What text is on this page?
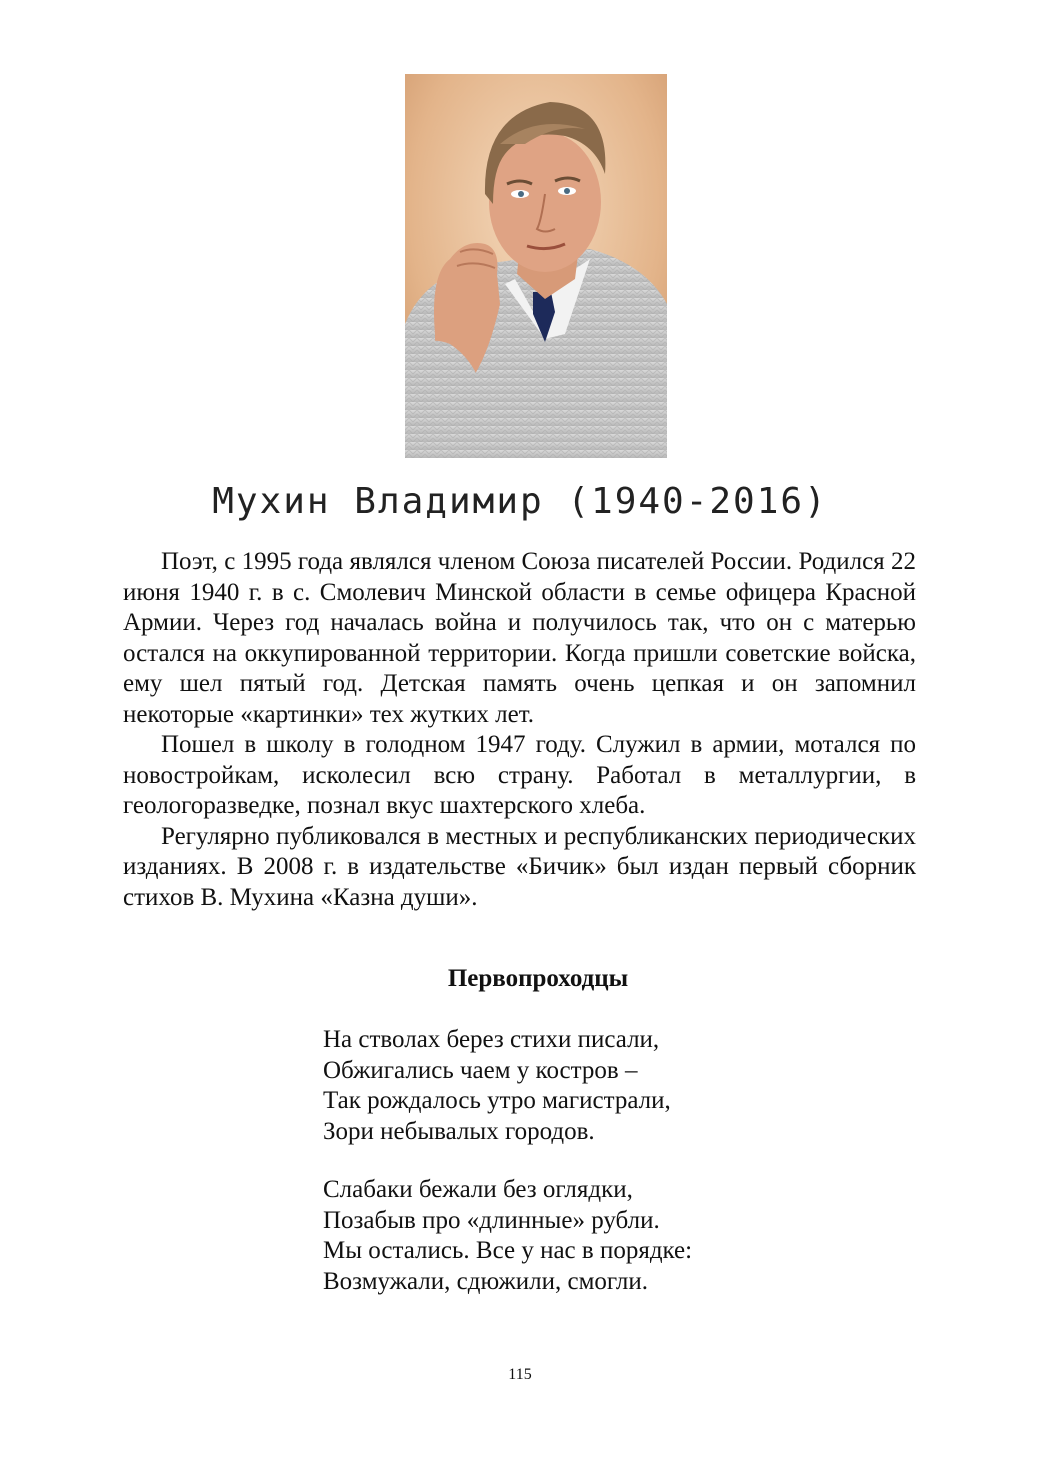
Мухин Владимир (1940-2016)

Поэт, с 1995 года являлся членом Союза писателей России. Родился 22 июня 1940 г. в с. Смолевич Минской области в семье офицера Красной Армии. Через год началась война и получилось так, что он с матерью остался на оккупированной территории. Когда пришли советские войска, ему шел пятый год. Детская память очень цепкая и он запомнил некоторые «картинки» тех жутких лет.

Пошел в школу в голодном 1947 году. Служил в армии, мотался по новостройкам, исколесил всю страну. Работал в металлургии, в геологоразведке, познал вкус шахтерского хлеба.

Регулярно публиковался в местных и республиканских периодических изданиях. В 2008 г. в издательстве «Бичик» был издан первый сборник стихов В. Мухина «Казна души».

Первопроходцы
На стволах берез стихи писали,
Обжигались чаем у костров –
Так рождалось утро магистрали,
Зори небывалых городов.
Слабаки бежали без оглядки,
Позабыв про «длинные» рубли.
Мы остались. Все у нас в порядке:
Возмужали, сдюжили, смогли.
115
